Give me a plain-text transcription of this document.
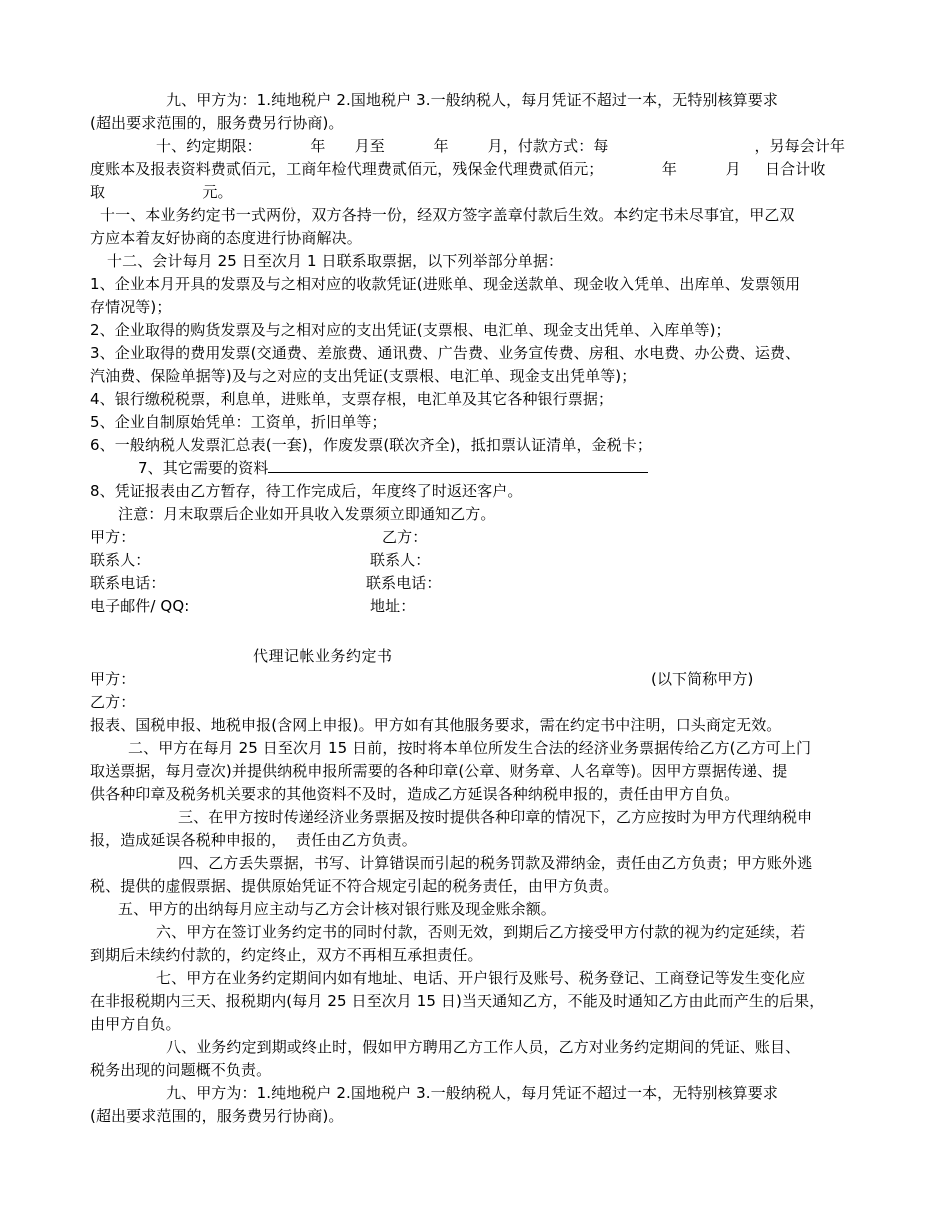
九、甲方为：1.纯地税户 2.国地税户 3.一般纳税人，每月凭证不超过一本，无特别核算要求
(超出要求范围的，服务费另行协商)。
十、约定期限：          年      月至          年        月，付款方式：每                              ，另每会计年
度账本及报表资料费贰佰元，工商年检代理费贰佰元，残保金代理费贰佰元；            年          月     日合计收
取                    元。
十一、本业务约定书一式两份，双方各持一份，经双方签字盖章付款后生效。本约定书未尽事宜，甲乙双
方应本着友好协商的态度进行协商解决。
十二、会计每月 25 日至次月 1 日联系取票据，以下列举部分单据：
1、企业本月开具的发票及与之相对应的收款凭证(进账单、现金送款单、现金收入凭单、出库单、发票领用
存情况等)；
2、企业取得的购货发票及与之相对应的支出凭证(支票根、电汇单、现金支出凭单、入库单等)；
3、企业取得的费用发票(交通费、差旅费、通讯费、广告费、业务宣传费、房租、水电费、办公费、运费、
汽油费、保险单据等)及与之对应的支出凭证(支票根、电汇单、现金支出凭单等)；
4、银行缴税税票，利息单，进账单，支票存根，电汇单及其它各种银行票据；
5、企业自制原始凭单：工资单，折旧单等；
6、一般纳税人发票汇总表(一套)，作废发票(联次齐全)，抵扣票认证清单，金税卡；
7、其它需要的资料
8、凭证报表由乙方暂存，待工作完成后，年度终了时返还客户。
注意：月末取票后企业如开具收入发票须立即通知乙方。
甲方：	乙方：
联系人：	联系人：
联系电话：	联系电话：
电子邮件/ QQ:	地址：
代理记帐业务约定书
甲方：	(以下简称甲方)
乙方：
报表、国税申报、地税申报(含网上申报)。甲方如有其他服务要求，需在约定书中注明，口头商定无效。
二、甲方在每月 25 日至次月 15 日前，按时将本单位所发生合法的经济业务票据传给乙方(乙方可上门
取送票据，每月壹次)并提供纳税申报所需要的各种印章(公章、财务章、人名章等)。因甲方票据传递、提
供各种印章及税务机关要求的其他资料不及时，造成乙方延误各种纳税申报的，责任由甲方自负。
三、在甲方按时传递经济业务票据及按时提供各种印章的情况下，乙方应按时为甲方代理纳税申
报，造成延误各税种申报的，  责任由乙方负责。
四、乙方丢失票据，书写、计算错误而引起的税务罚款及滞纳金，责任由乙方负责；甲方账外逃
税、提供的虚假票据、提供原始凭证不符合规定引起的税务责任，由甲方负责。
五、甲方的出纳每月应主动与乙方会计核对银行账及现金账余额。
六、甲方在签订业务约定书的同时付款，否则无效，到期后乙方接受甲方付款的视为约定延续，若
到期后未续约付款的，约定终止，双方不再相互承担责任。
七、甲方在业务约定期间内如有地址、电话、开户银行及账号、税务登记、工商登记等发生变化应
在非报税期内三天、报税期内(每月 25 日至次月 15 日)当天通知乙方，不能及时通知乙方由此而产生的后果，
由甲方自负。
八、业务约定到期或终止时，假如甲方聘用乙方工作人员，乙方对业务约定期间的凭证、账目、
税务出现的问题概不负责。
九、甲方为：1.纯地税户 2.国地税户 3.一般纳税人，每月凭证不超过一本，无特别核算要求
(超出要求范围的，服务费另行协商)。
